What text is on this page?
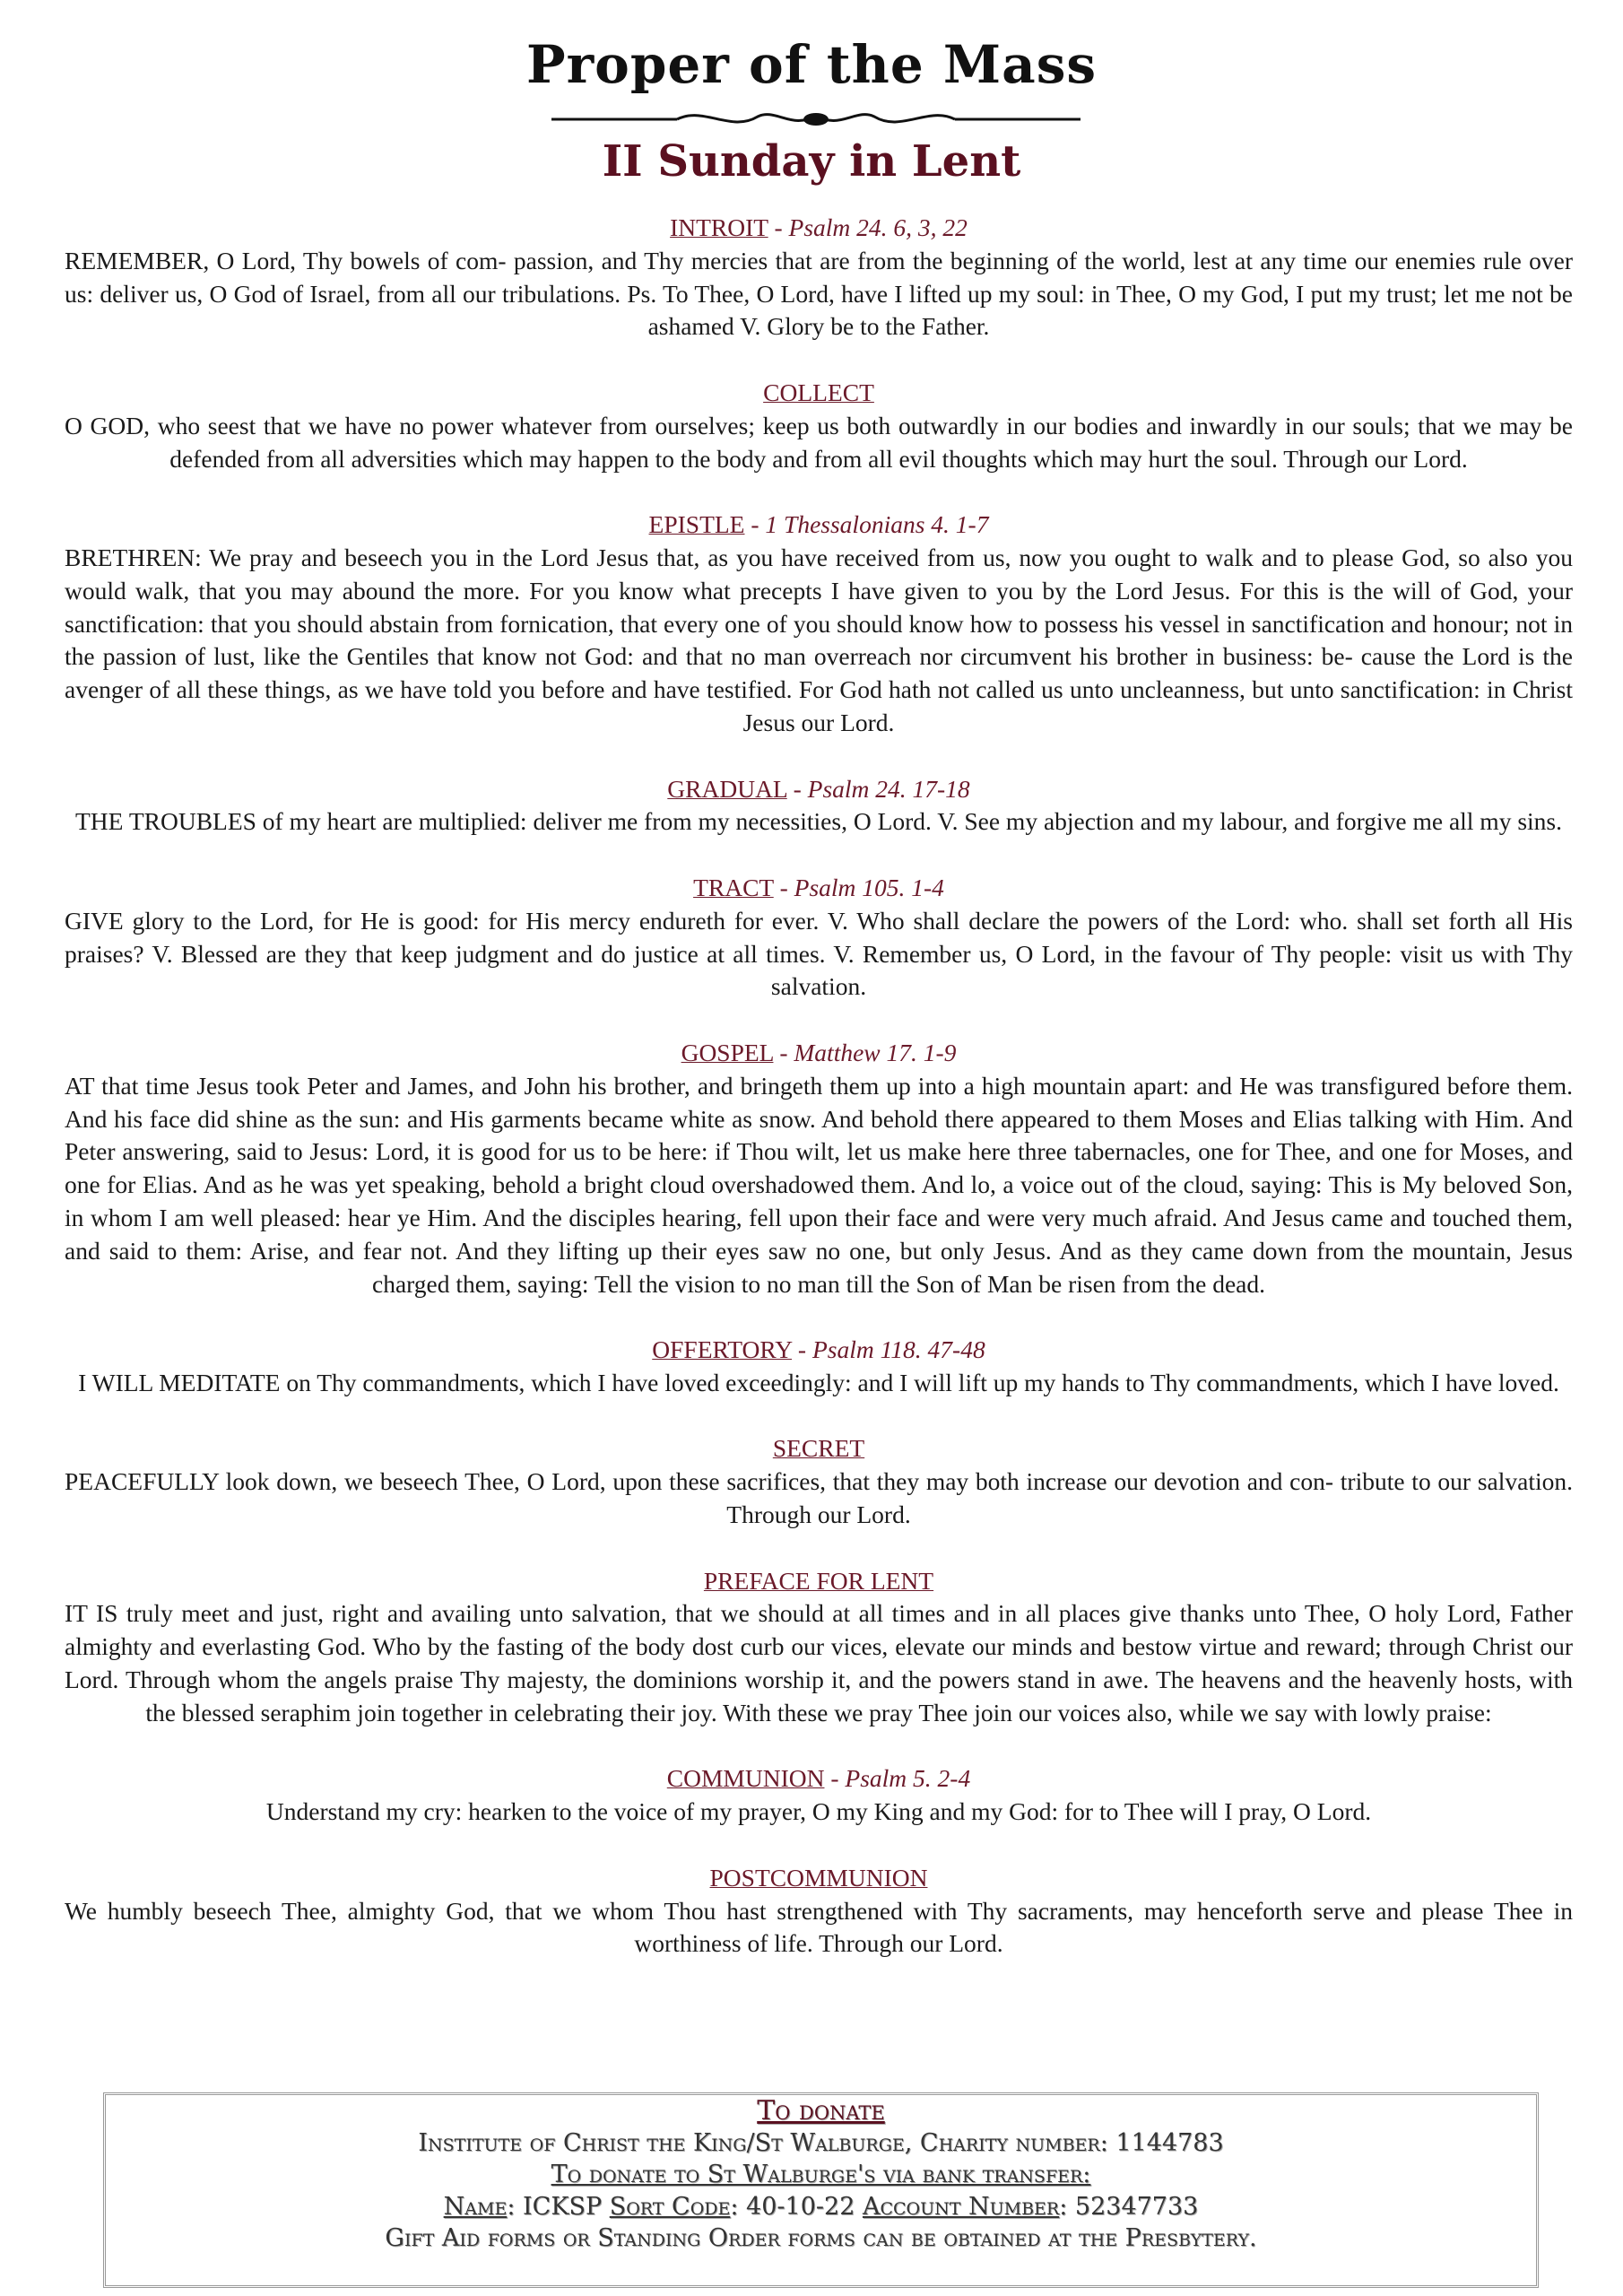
Proper of the Mass
II Sunday in Lent
INTROIT - Psalm 24. 6, 3, 22
REMEMBER, O Lord, Thy bowels of com- passion, and Thy mercies that are from the beginning of the world, lest at any time our enemies rule over us: deliver us, O God of Israel, from all our tribulations. Ps. To Thee, O Lord, have I lifted up my soul: in Thee, O my God, I put my trust; let me not be ashamed V. Glory be to the Father.
COLLECT
O GOD, who seest that we have no power whatever from ourselves; keep us both outwardly in our bodies and inwardly in our souls; that we may be defended from all adversities which may happen to the body and from all evil thoughts which may hurt the soul. Through our Lord.
EPISTLE - 1 Thessalonians 4. 1-7
BRETHREN: We pray and beseech you in the Lord Jesus that, as you have received from us, now you ought to walk and to please God, so also you would walk, that you may abound the more. For you know what precepts I have given to you by the Lord Jesus. For this is the will of God, your sanctification: that you should abstain from fornication, that every one of you should know how to possess his vessel in sanctification and honour; not in the passion of lust, like the Gentiles that know not God: and that no man overreach nor circumvent his brother in business: be- cause the Lord is the avenger of all these things, as we have told you before and have testified. For God hath not called us unto uncleanness, but unto sanctification: in Christ Jesus our Lord.
GRADUAL - Psalm 24. 17-18
THE TROUBLES of my heart are multiplied: deliver me from my necessities, O Lord. V. See my abjection and my labour, and forgive me all my sins.
TRACT - Psalm 105. 1-4
GIVE glory to the Lord, for He is good: for His mercy endureth for ever. V. Who shall declare the powers of the Lord: who. shall set forth all His praises? V. Blessed are they that keep judgment and do justice at all times. V. Remember us, O Lord, in the favour of Thy people: visit us with Thy salvation.
GOSPEL - Matthew 17. 1-9
AT that time Jesus took Peter and James, and John his brother, and bringeth them up into a high mountain apart: and He was transfigured before them. And his face did shine as the sun: and His garments became white as snow. And behold there appeared to them Moses and Elias talking with Him. And Peter answering, said to Jesus: Lord, it is good for us to be here: if Thou wilt, let us make here three tabernacles, one for Thee, and one for Moses, and one for Elias. And as he was yet speaking, behold a bright cloud overshadowed them. And lo, a voice out of the cloud, saying: This is My beloved Son, in whom I am well pleased: hear ye Him. And the disciples hearing, fell upon their face and were very much afraid. And Jesus came and touched them, and said to them: Arise, and fear not. And they lifting up their eyes saw no one, but only Jesus. And as they came down from the mountain, Jesus charged them, saying: Tell the vision to no man till the Son of Man be risen from the dead.
OFFERTORY - Psalm 118. 47-48
I WILL MEDITATE on Thy commandments, which I have loved exceedingly: and I will lift up my hands to Thy commandments, which I have loved.
SECRET
PEACEFULLY look down, we beseech Thee, O Lord, upon these sacrifices, that they may both increase our devotion and con- tribute to our salvation. Through our Lord.
PREFACE FOR LENT
IT IS truly meet and just, right and availing unto salvation, that we should at all times and in all places give thanks unto Thee, O holy Lord, Father almighty and everlasting God. Who by the fasting of the body dost curb our vices, elevate our minds and bestow virtue and reward; through Christ our Lord. Through whom the angels praise Thy majesty, the dominions worship it, and the powers stand in awe. The heavens and the heavenly hosts, with the blessed seraphim join together in celebrating their joy. With these we pray Thee join our voices also, while we say with lowly praise:
COMMUNION - Psalm 5. 2-4
Understand my cry: hearken to the voice of my prayer, O my King and my God: for to Thee will I pray, O Lord.
POSTCOMMUNION
We humbly beseech Thee, almighty God, that we whom Thou hast strengthened with Thy sacraments, may henceforth serve and please Thee in worthiness of life. Through our Lord.
To donate
Institute of Christ the King/St Walburge, Charity number: 1144783
To donate to St Walburge's via bank transfer:
Name: ICKSP Sort Code: 40-10-22 Account Number: 52347733
Gift Aid forms or Standing Order forms can be obtained at the Presbytery.
